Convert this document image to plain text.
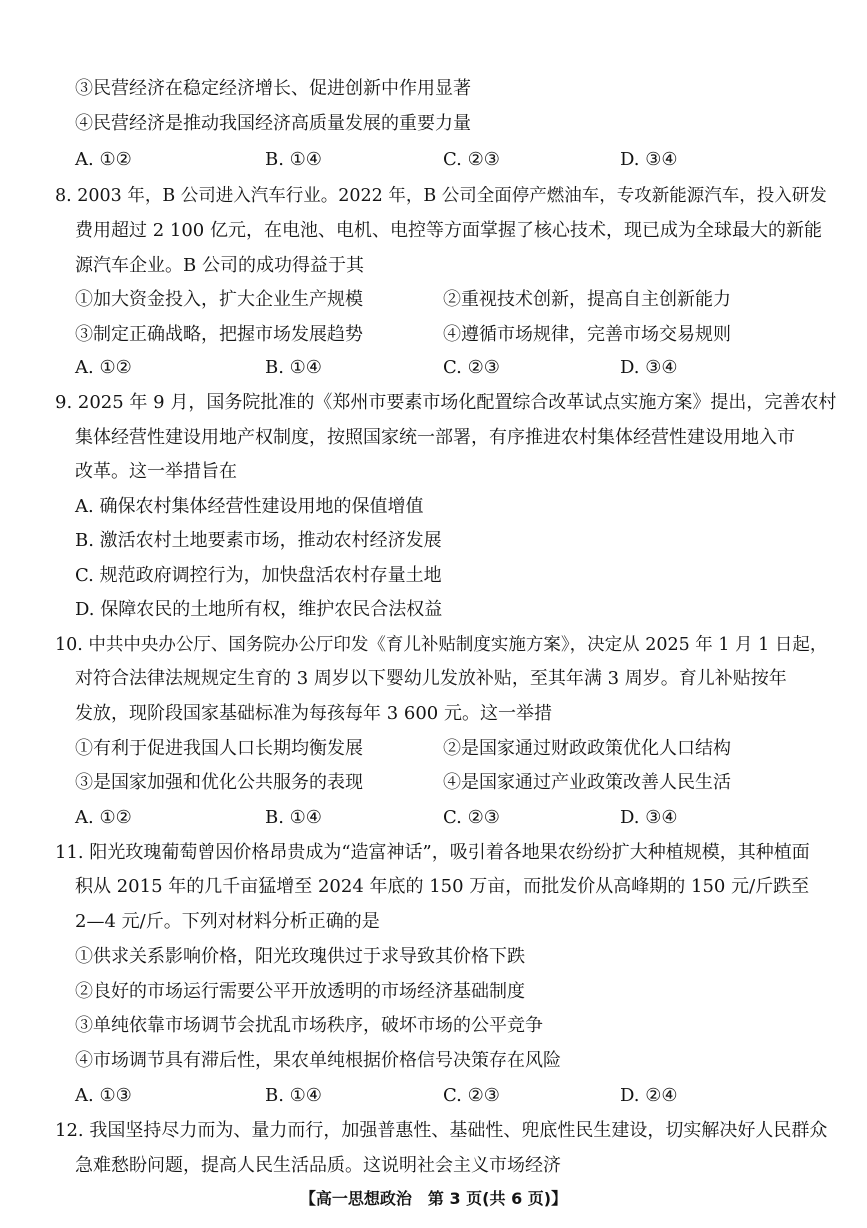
③民营经济在稳定经济增长、促进创新中作用显著
④民营经济是推动我国经济高质量发展的重要力量
A. ①②	B. ①④	C. ②③	D. ③④
8. 2003 年，B 公司进入汽车行业。2022 年，B 公司全面停产燃油车，专攻新能源汽车，投入研发
费用超过 2 100 亿元，在电池、电机、电控等方面掌握了核心技术，现已成为全球最大的新能
源汽车企业。B 公司的成功得益于其
①加大资金投入，扩大企业生产规模	②重视技术创新，提高自主创新能力
③制定正确战略，把握市场发展趋势	④遵循市场规律，完善市场交易规则
A. ①②	B. ①④	C. ②③	D. ③④
9. 2025 年 9 月，国务院批准的《郑州市要素市场化配置综合改革试点实施方案》提出，完善农村
集体经营性建设用地产权制度，按照国家统一部署，有序推进农村集体经营性建设用地入市
改革。这一举措旨在
A. 确保农村集体经营性建设用地的保值增值
B. 激活农村土地要素市场，推动农村经济发展
C. 规范政府调控行为，加快盘活农村存量土地
D. 保障农民的土地所有权，维护农民合法权益
10. 中共中央办公厅、国务院办公厅印发《育儿补贴制度实施方案》，决定从 2025 年 1 月 1 日起，
对符合法律法规规定生育的 3 周岁以下婴幼儿发放补贴，至其年满 3 周岁。育儿补贴按年
发放，现阶段国家基础标准为每孩每年 3 600 元。这一举措
①有利于促进我国人口长期均衡发展	②是国家通过财政政策优化人口结构
③是国家加强和优化公共服务的表现	④是国家通过产业政策改善人民生活
A. ①②	B. ①④	C. ②③	D. ③④
11. 阳光玫瑰葡萄曾因价格昂贵成为“造富神话”，吸引着各地果农纷纷扩大种植规模，其种植面
积从 2015 年的几千亩猛增至 2024 年底的 150 万亩，而批发价从高峰期的 150 元/斤跌至
2—4 元/斤。下列对材料分析正确的是
①供求关系影响价格，阳光玫瑰供过于求导致其价格下跌
②良好的市场运行需要公平开放透明的市场经济基础制度
③单纯依靠市场调节会扰乱市场秩序，破坏市场的公平竞争
④市场调节具有滞后性，果农单纯根据价格信号决策存在风险
A. ①③	B. ①④	C. ②③	D. ②④
12. 我国坚持尽力而为、量力而行，加强普惠性、基础性、兜底性民生建设，切实解决好人民群众
急难愁盼问题，提高人民生活品质。这说明社会主义市场经济
【高一思想政治　第 3 页(共 6 页)】
